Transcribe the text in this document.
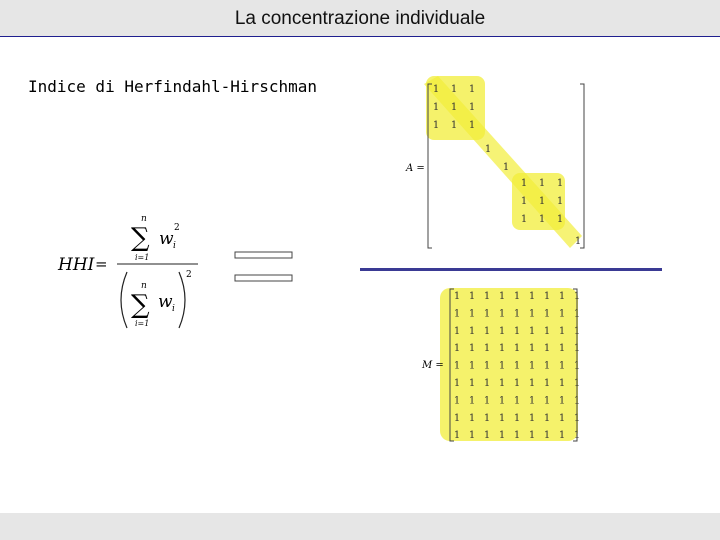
La concentrazione individuale
Indice di Herfindahl-Hirschman
HHI =
n
∑
i=1
w i
2
n
∑
i=1
w i
2
A =
1
1
1
1
1
1
1
1
1
1
1
1
1
1
1
1
1
1
1
1
1
M =
1 1 1 1 1 1 1 1 1
1 1 1 1 1 1 1 1 1
1 1 1 1 1 1 1 1 1
1 1 1 1 1 1 1 1 1
1 1 1 1 1 1 1 1 1
1 1 1 1 1 1 1 1 1
1 1 1 1 1 1 1 1 1
1 1 1 1 1 1 1 1 1
1 1 1 1 1 1 1 1 1
